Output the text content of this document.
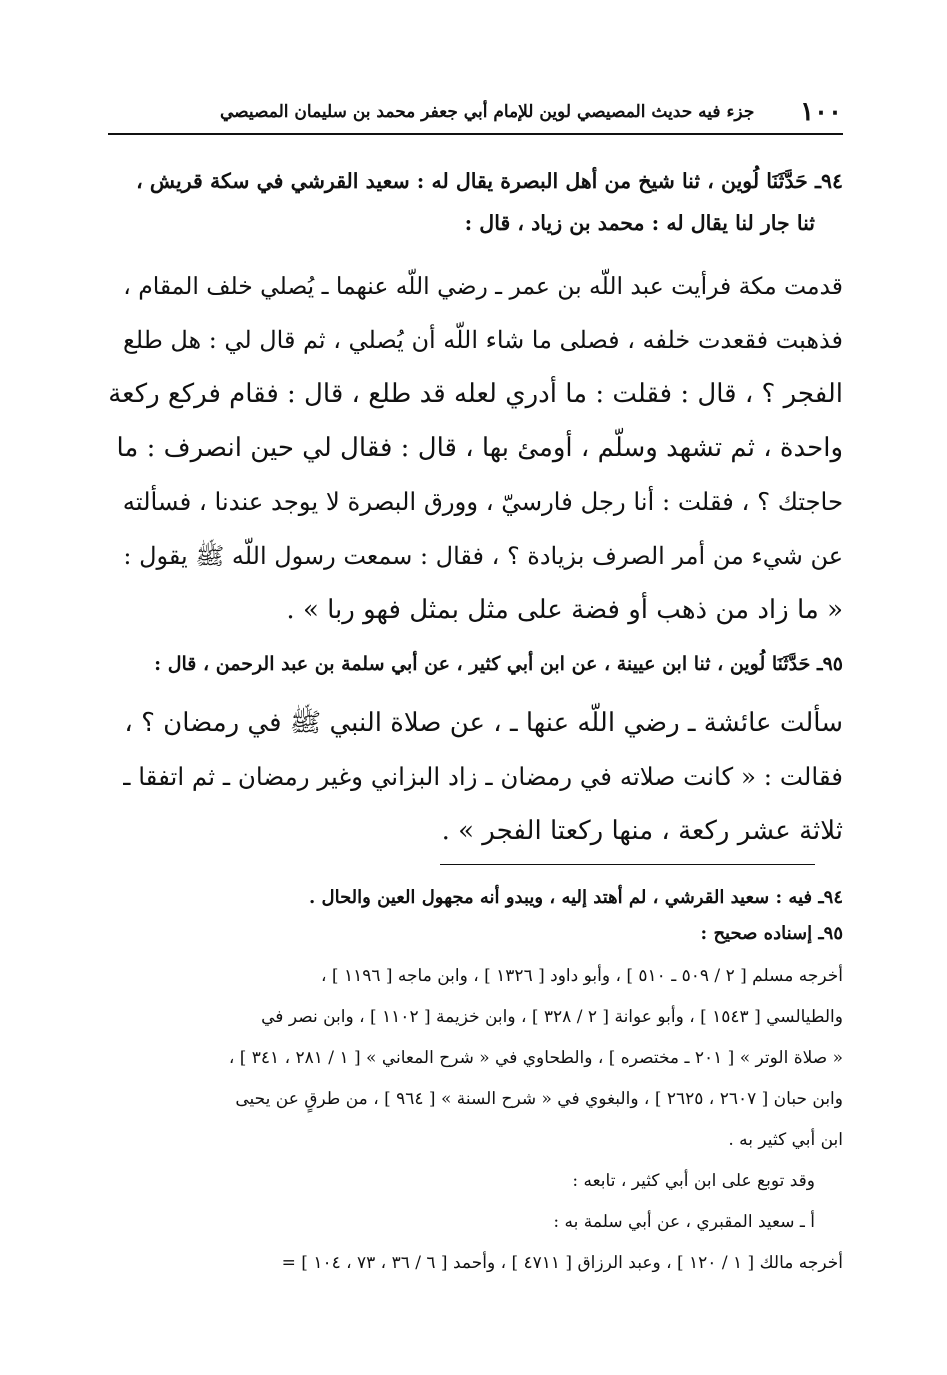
١٠٠
جزء فيه حديث المصيصي لوين للإمام أبي جعفر محمد بن سليمان المصيصي
٩٤ـ حَدَّثَنَا لُوين ، ثنا شيخ من أهل البصرة يقال له : سعيد القرشي في سكة قريش ،
ثنا جار لنا يقال له : محمد بن زياد ، قال :
قدمت مكة فرأيت عبد اللّه بن عمر ـ رضي اللّه عنهما ـ يُصلي خلف المقام ،
فذهبت فقعدت خلفه ، فصلى ما شاء اللّه أن يُصلي ، ثم قال لي : هل طلع
الفجر ؟ ، قال : فقلت : ما أدري لعله قد طلع ، قال : فقام فركع ركعة
واحدة ، ثم تشهد وسلّم ، أومئ بها ، قال : فقال لي حين انصرف : ما
حاجتك ؟ ، فقلت : أنا رجل فارسيّ ، وورق البصرة لا يوجد عندنا ، فسألته
عن شيء من أمر الصرف بزيادة ؟ ، فقال : سمعت رسول اللّه ﷺ يقول :
« ما زاد من ذهب أو فضة على مثل بمثل فهو ربا » .
٩٥ـ حَدَّثَنَا لُوين ، ثنا ابن عيينة ، عن ابن أبي كثير ، عن أبي سلمة بن عبد الرحمن ، قال :
سألت عائشة ـ رضي اللّه عنها ـ ، عن صلاة النبي ﷺ في رمضان ؟ ،
فقالت : « كانت صلاته في رمضان ـ زاد البزاني وغير رمضان ـ ثم اتفقا ـ
ثلاثة عشر ركعة ، منها ركعتا الفجر » .
٩٤ـ فيه : سعيد القرشي ، لم أهتد إليه ، ويبدو أنه مجهول العين والحال .
٩٥ـ إسناده صحيح :
أخرجه مسلم [ ٢ / ٥٠٩ ـ ٥١٠ ] ، وأبو داود [ ١٣٢٦ ] ، وابن ماجه [ ١١٩٦ ] ،
والطيالسي [ ١٥٤٣ ] ، وأبو عوانة [ ٢ / ٣٢٨ ] ، وابن خزيمة [ ١١٠٢ ] ، وابن نصر في
« صلاة الوتر » [ ٢٠١ ـ مختصره ] ، والطحاوي في « شرح المعاني » [ ١ / ٢٨١ ، ٣٤١ ] ،
وابن حبان [ ٢٦٠٧ ، ٢٦٢٥ ] ، والبغوي في « شرح السنة » [ ٩٦٤ ] ، من طرقٍ عن يحيى
ابن أبي كثير به .
وقد توبع على ابن أبي كثير ، تابعه :
أ ـ سعيد المقبري ، عن أبي سلمة به :
أخرجه مالك [ ١ / ١٢٠ ] ، وعبد الرزاق [ ٤٧١١ ] ، وأحمد [ ٦ / ٣٦ ، ٧٣ ، ١٠٤ ] =
